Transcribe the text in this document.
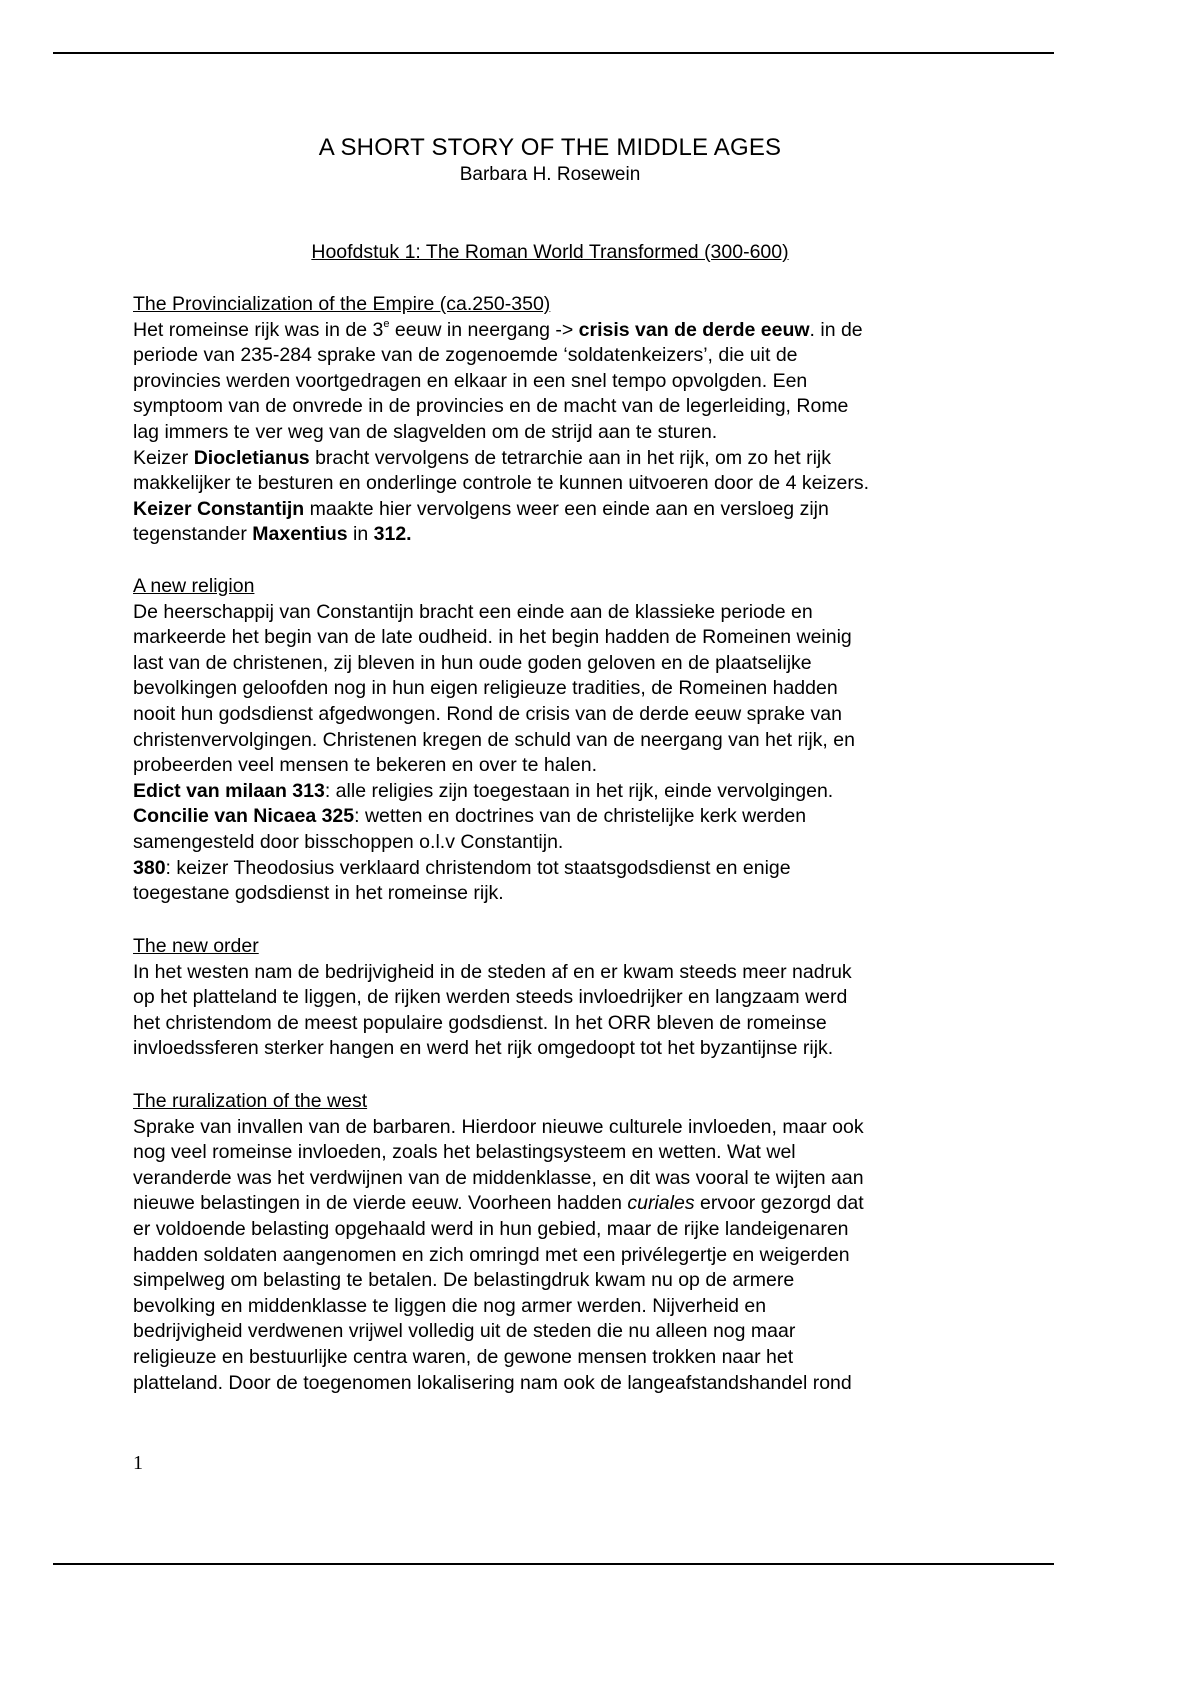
A SHORT STORY OF THE MIDDLE AGES
Barbara H. Rosewein
Hoofdstuk 1: The Roman World Transformed (300-600)

The Provincialization of the Empire (ca.250-350)

Het romeinse rijk was in de 3e eeuw in neergang -> crisis van de derde eeuw. in de

periode van 235-284 sprake van de zogenoemde ‘soldatenkeizers’, die uit de

provincies werden voortgedragen en elkaar in een snel tempo opvolgden. Een

symptoom van de onvrede in de provincies en de macht van de legerleiding, Rome

lag immers te ver weg van de slagvelden om de strijd aan te sturen.

Keizer Diocletianus bracht vervolgens de tetrarchie aan in het rijk, om zo het rijk

makkelijker te besturen en onderlinge controle te kunnen uitvoeren door de 4 keizers.

Keizer Constantijn maakte hier vervolgens weer een einde aan en versloeg zijn

tegenstander Maxentius in 312.

A new religion

De heerschappij van Constantijn bracht een einde aan de klassieke periode en

markeerde het begin van de late oudheid. in het begin hadden de Romeinen weinig

last van de christenen, zij bleven in hun oude goden geloven en de plaatselijke

bevolkingen geloofden nog in hun eigen religieuze tradities, de Romeinen hadden

nooit hun godsdienst afgedwongen. Rond de crisis van de derde eeuw sprake van

christenvervolgingen. Christenen kregen de schuld van de neergang van het rijk, en

probeerden veel mensen te bekeren en over te halen.

Edict van milaan 313: alle religies zijn toegestaan in het rijk, einde vervolgingen.

Concilie van Nicaea 325: wetten en doctrines van de christelijke kerk werden

samengesteld door bisschoppen o.l.v Constantijn.

380: keizer Theodosius verklaard christendom tot staatsgodsdienst en enige

toegestane godsdienst in het romeinse rijk.

The new order

In het westen nam de bedrijvigheid in de steden af en er kwam steeds meer nadruk

op het platteland te liggen, de rijken werden steeds invloedrijker en langzaam werd

het christendom de meest populaire godsdienst. In het ORR bleven de romeinse

invloedssferen sterker hangen en werd het rijk omgedoopt tot het byzantijnse rijk.

The ruralization of the west

Sprake van invallen van de barbaren. Hierdoor nieuwe culturele invloeden, maar ook

nog veel romeinse invloeden, zoals het belastingsysteem en wetten. Wat wel

veranderde was het verdwijnen van de middenklasse, en dit was vooral te wijten aan

nieuwe belastingen in de vierde eeuw. Voorheen hadden curiales ervoor gezorgd dat

er voldoende belasting opgehaald werd in hun gebied, maar de rijke landeigenaren

hadden soldaten aangenomen en zich omringd met een privélegertje en weigerden

simpelweg om belasting te betalen. De belastingdruk kwam nu op de armere

bevolking en middenklasse te liggen die nog armer werden. Nijverheid en

bedrijvigheid verdwenen vrijwel volledig uit de steden die nu alleen nog maar

religieuze en bestuurlijke centra waren, de gewone mensen trokken naar het

platteland. Door de toegenomen lokalisering nam ook de langeafstandshandel rond

1
